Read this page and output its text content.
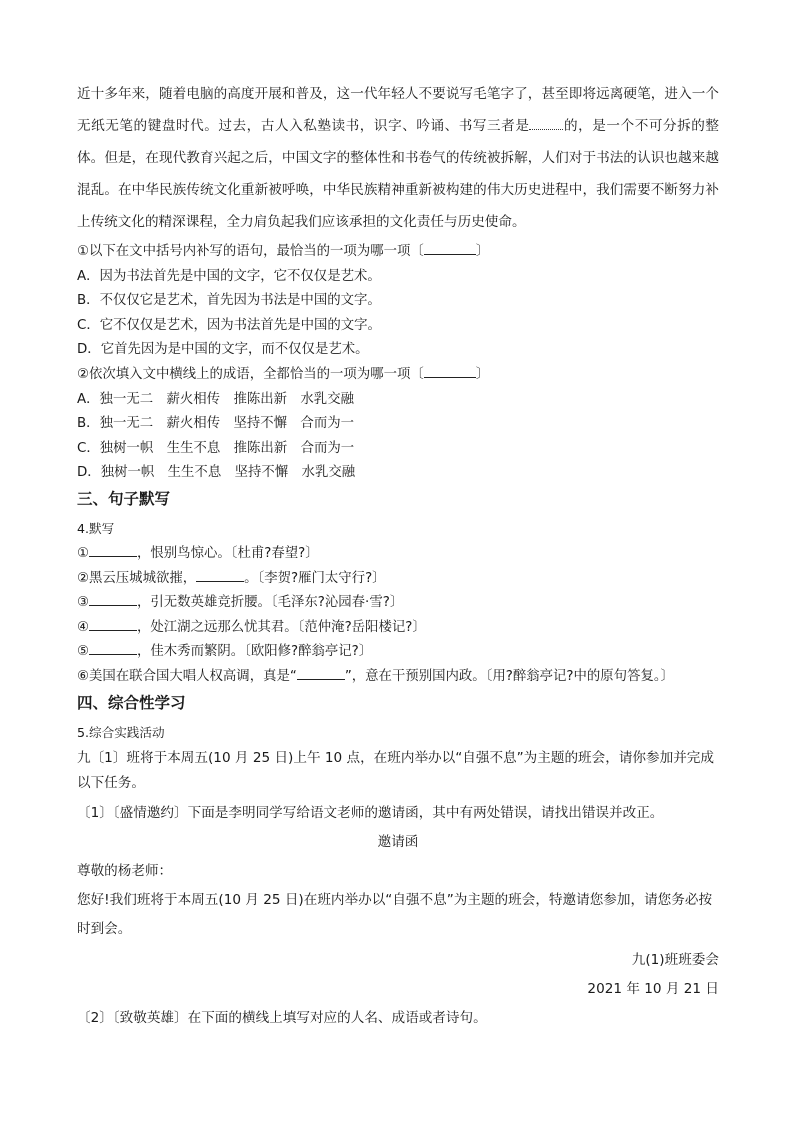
近十多年来，随着电脑的高度开展和普及，这一代年轻人不要说写毛笔字了，甚至即将远离硬笔，进入一个无纸无笔的键盘时代。过去，古人入私塾读书，识字、吟诵、书写三者是	的，是一个不可分拆的整体。但是，在现代教育兴起之后，中国文字的整体性和书卷气的传统被拆解，人们对于书法的认识也越来越混乱。在中华民族传统文化重新被呼唤，中华民族精神重新被构建的伟大历史进程中，我们需要不断努力补上传统文化的精深课程，全力肩负起我们应该承担的文化责任与历史使命。

①以下在文中括号内补写的语句，最恰当的一项为哪一项〔	〕

A．因为书法首先是中国的文字，它不仅仅是艺术。

B．不仅仅它是艺术，首先因为书法是中国的文字。

C．它不仅仅是艺术，因为书法首先是中国的文字。

D．它首先因为是中国的文字，而不仅仅是艺术。

②依次填入文中横线上的成语，全都恰当的一项为哪一项〔	〕

A．独一无二　薪火相传　推陈出新　水乳交融

B．独一无二　薪火相传　坚持不懈　合而为一

C．独树一帜　生生不息　推陈出新　合而为一

D．独树一帜　生生不息　坚持不懈　水乳交融

三、句子默写

4.默写

①	，恨别鸟惊心。〔杜甫?春望?〕

②黑云压城城欲摧，	。〔李贺?雁门太守行?〕

③	，引无数英雄竞折腰。〔毛泽东?沁园春·雪?〕

④	，处江湖之远那么忧其君。〔范仲淹?岳阳楼记?〕

⑤	，佳木秀而繁阴。〔欧阳修?醉翁亭记?〕

⑥美国在联合国大唱人权高调，真是“	”，意在干预别国内政。〔用?醉翁亭记?中的原句答复。〕

四、综合性学习

5.综合实践活动

九〔1〕班将于本周五(10 月 25 日)上午 10 点，在班内举办以“自强不息”为主题的班会，请你参加并完成以下任务。

〔1〕〔盛情邀约〕下面是李明同学写给语文老师的邀请函，其中有两处错误，请找出错误并改正。

邀请函

尊敬的杨老师：

您好!我们班将于本周五(10 月 25 日)在班内举办以“自强不息”为主题的班会，特邀请您参加，请您务必按时到会。

九(1)班班委会

2021 年 10 月 21 日

〔2〕〔致敬英雄〕在下面的横线上填写对应的人名、成语或者诗句。
